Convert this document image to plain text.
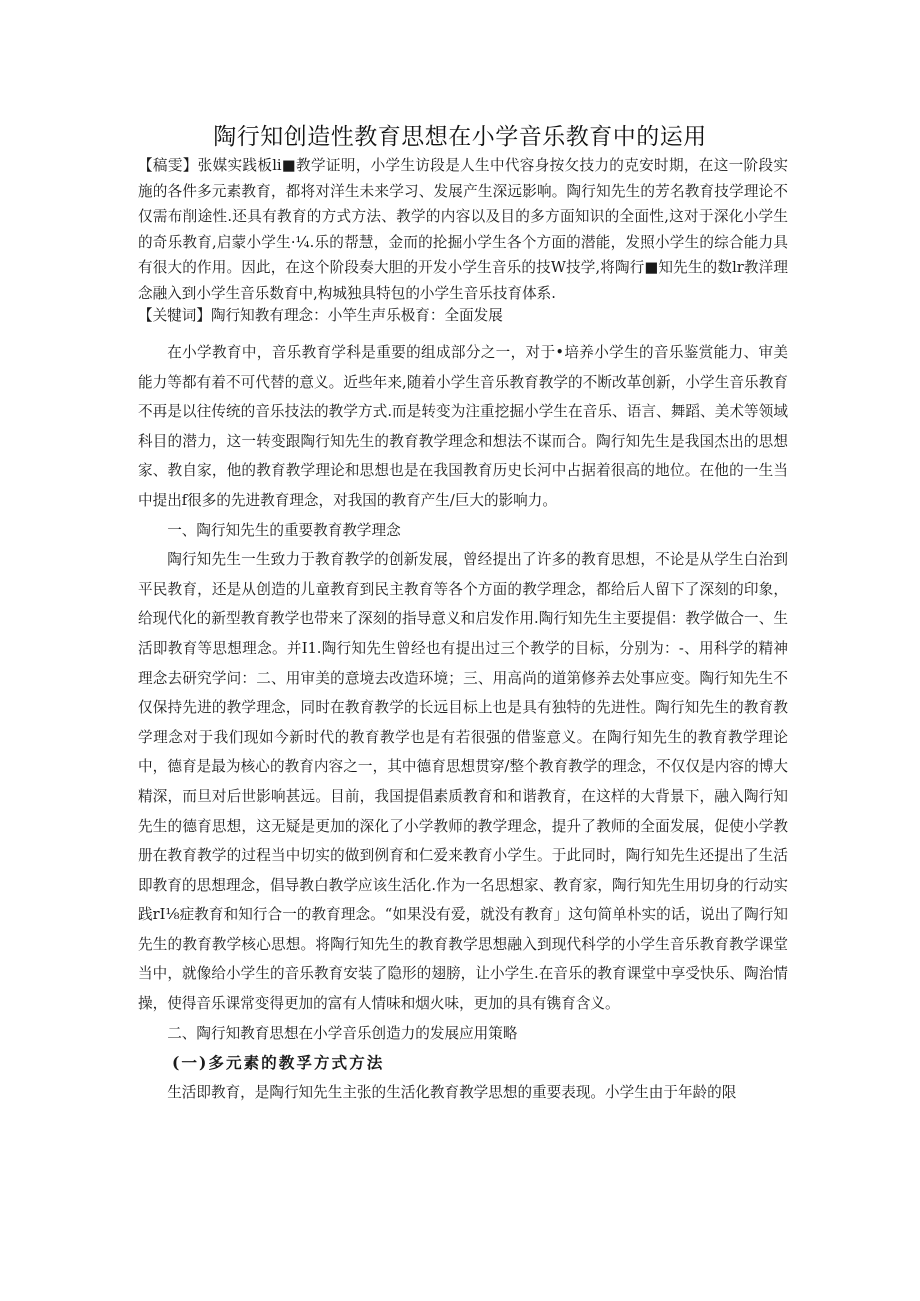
陶行知创造性教育思想在小学音乐教育中的运用
【稿雯】张媒实践板li■教学证明，小学生访段是人生中代容身按攵技力的克安时期，在这一阶段实施的各件多元素教育，都将对洋生未来学习、发展产生深远影响。陶行知先生的芳名教育技学理论不仅需布削途性.还具有教育的方式方法、教学的内容以及目的多方面知识的全面性,这对于深化小学生的奇乐教育,启蒙小学生·¼.乐的帮慧，金而的抡掘小学生各个方面的潜能，发照小学生的综合能力具有很大的作用。因此，在这个阶段奏大胆的开发小学生音乐的技W技学,将陶行■知先生的数lr教洋理念融入到小学生音乐数育中,构城独具特包的小学生音乐技育体系.
【关犍词】陶行知教有理念：小竿生声乐极育：全面发展

在小学教育中，音乐教育学科是重要的组成部分之一，对于•培养小学生的音乐鉴赏能力、审美能力等都有着不可代替的意义。近些年来,随着小学生音乐教育教学的不断改革创新，小学生音乐教育不再是以往传统的音乐技法的教学方式.而是转变为注重挖掘小学生在音乐、语言、舞蹈、美术等领域科目的潜力，这一转变跟陶行知先生的教育教学理念和想法不谋而合。陶行知先生是我国杰出的思想家、教自家，他的教育教学理论和思想也是在我国教育历史长河中占据着很高的地位。在他的一生当中提出f很多的先进教育理念，对我国的教育产生/巨大的影响力。

一、陶行知先生的重要教育教学理念

陶行知先生一生致力于教育教学的创新发展，曾经提出了许多的教育思想，不论是从学生白治到平民教育，还是从创造的儿童教育到民主教育等各个方面的教学理念，都给后人留下了深刻的印象，给现代化的新型教育教学也带来了深刻的指导意义和启发作用.陶行知先生主要提倡：教学做合一、生活即教育等思想理念。并I1.陶行知先生曾经也有提出过三个教学的目标，分别为：-、用科学的精神理念去研究学问：二、用审美的意境去改造环境；三、用高尚的道第修养去处事应变。陶行知先生不仅保持先进的教学理念，同时在教育教学的长远目标上也是具有独特的先进性。陶行知先生的教育教学理念对于我们现如今新时代的教育教学也是有若很强的借鉴意义。在陶行知先生的教育教学理论中，德育是最为核心的教育内容之一，其中德育思想贯穿/整个教育教学的理念，不仅仅是内容的博大精深，而旦对后世影响甚远。目前，我国提倡素质教育和和谐教育，在这样的大背景下，融入陶行知先生的德育思想，这无疑是更加的深化了小学教师的教学理念，提升了教师的全面发展，促使小学教册在教育教学的过程当中切实的做到例育和仁爱来教育小学生。于此同时，陶行知先生还提出了生活即教育的思想理念，倡导教白教学应该生活化.作为一名思想家、教育家，陶行知先生用切身的行动实践rI⅛症教育和知行合一的教育理念。“如果没有爱，就没有教育」这句简单朴实的话，说出了陶行知先生的教育教学核心思想。将陶行知先生的教育教学思想融入到现代科学的小学生音乐教育教学课堂当中，就像给小学生的音乐教育安装了隐形的翅膀，让小学生.在音乐的教育课堂中享受快乐、陶治情操，使得音乐课常变得更加的富有人情味和烟火味，更加的具有镌育含义。

二、陶行知教育思想在小学音乐创造力的发展应用策略

(一)多元素的教孚方式方法

生活即教育，是陶行知先生主张的生活化教育教学思想的重要表现。小学生由于年龄的限
